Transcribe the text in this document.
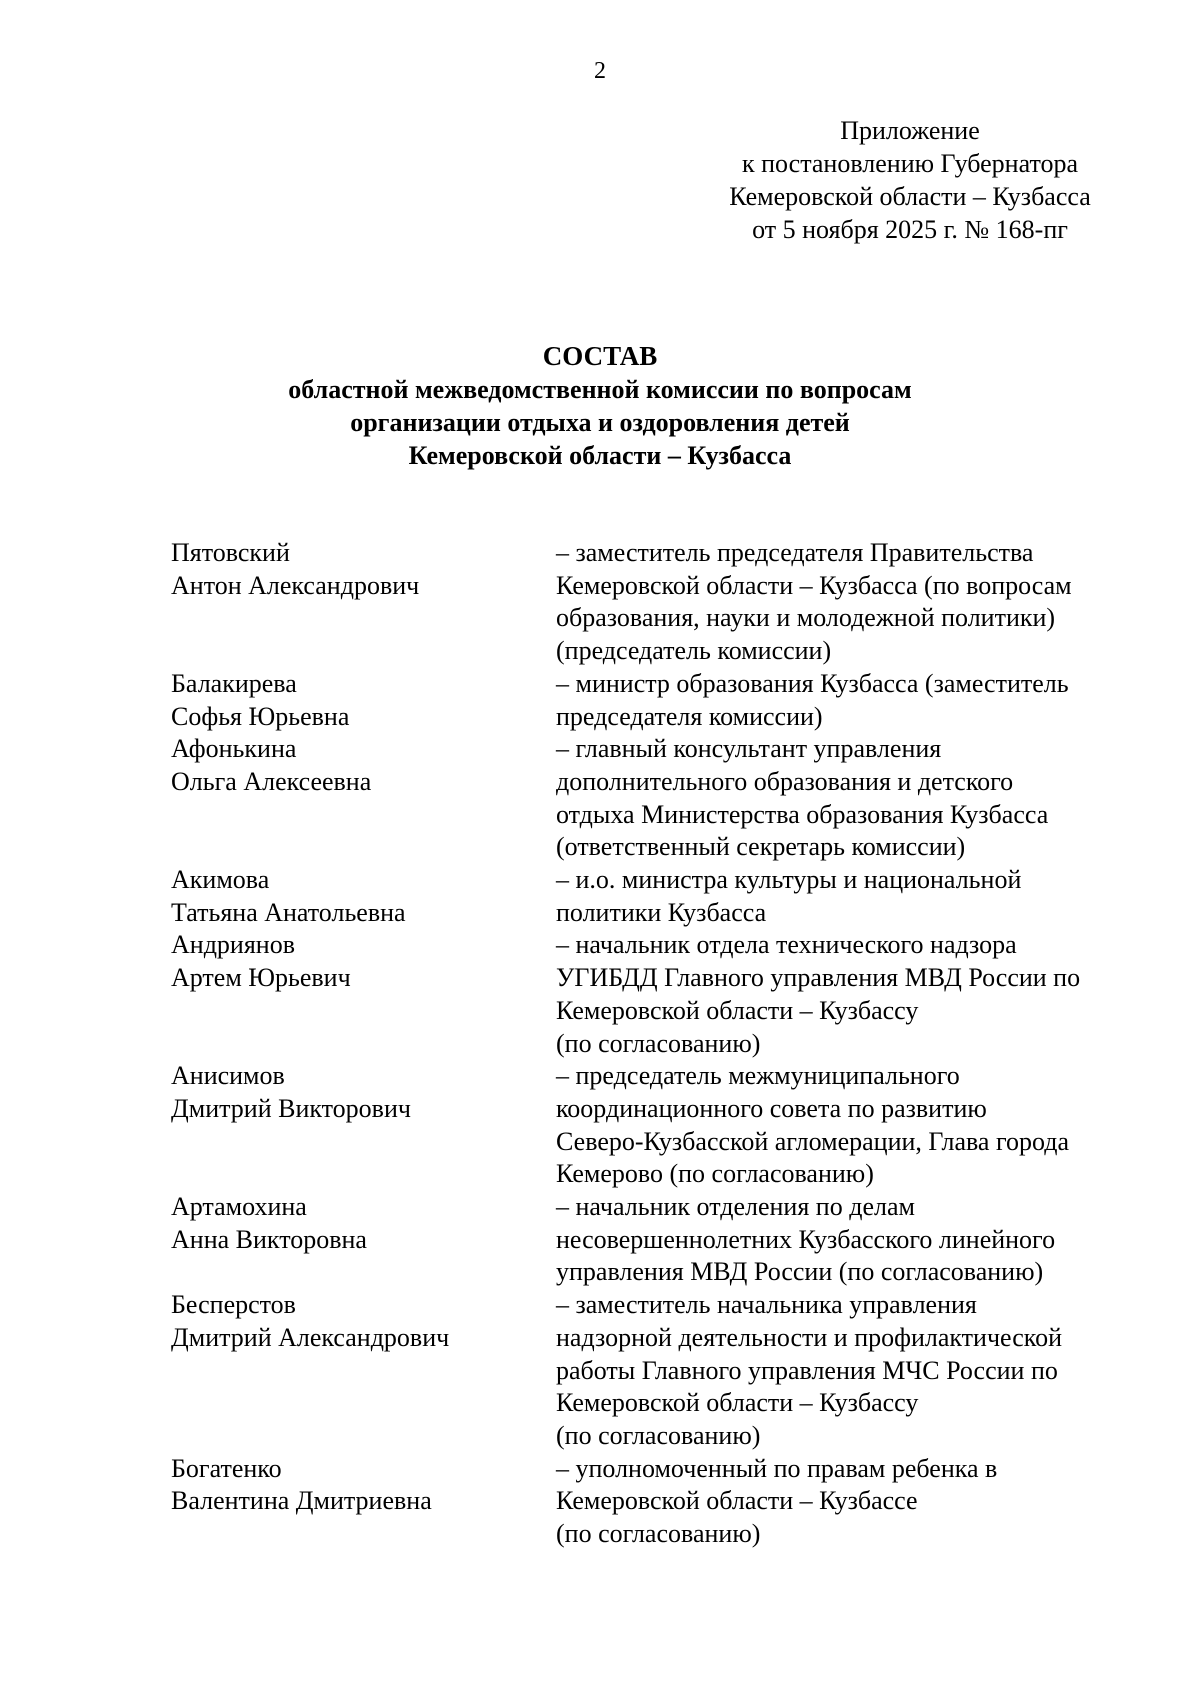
2
Приложение
к постановлению Губернатора
Кемеровской области – Кузбасса
от 5 ноября 2025 г. № 168-пг
СОСТАВ
областной межведомственной комиссии по вопросам
организации отдыха и оздоровления детей
Кемеровской области – Кузбасса
Пятовский
Антон Александрович
– заместитель председателя Правительства
Кемеровской области – Кузбасса (по вопросам
образования, науки и молодежной политики)
(председатель комиссии)
Балакирева
Софья Юрьевна
– министр образования Кузбасса (заместитель
председателя комиссии)
Афонькина
Ольга Алексеевна
– главный консультант управления
дополнительного образования и детского
отдыха Министерства образования Кузбасса
(ответственный секретарь комиссии)
Акимова
Татьяна Анатольевна
– и.о. министра культуры и национальной
политики Кузбасса
Андриянов
Артем Юрьевич
– начальник отдела технического надзора
УГИБДД Главного управления МВД России по
Кемеровской области – Кузбассу
(по согласованию)
Анисимов
Дмитрий Викторович
– председатель межмуниципального
координационного совета по развитию
Северо-Кузбасской агломерации, Глава города
Кемерово (по согласованию)
Артамохина
Анна Викторовна
– начальник отделения по делам
несовершеннолетних Кузбасского линейного
управления МВД России (по согласованию)
Бесперстов
Дмитрий Александрович
– заместитель начальника управления
надзорной деятельности и профилактической
работы Главного управления МЧС России по
Кемеровской области – Кузбассу
(по согласованию)
Богатенко
Валентина Дмитриевна
– уполномоченный по правам ребенка в
Кемеровской области – Кузбассе
(по согласованию)
